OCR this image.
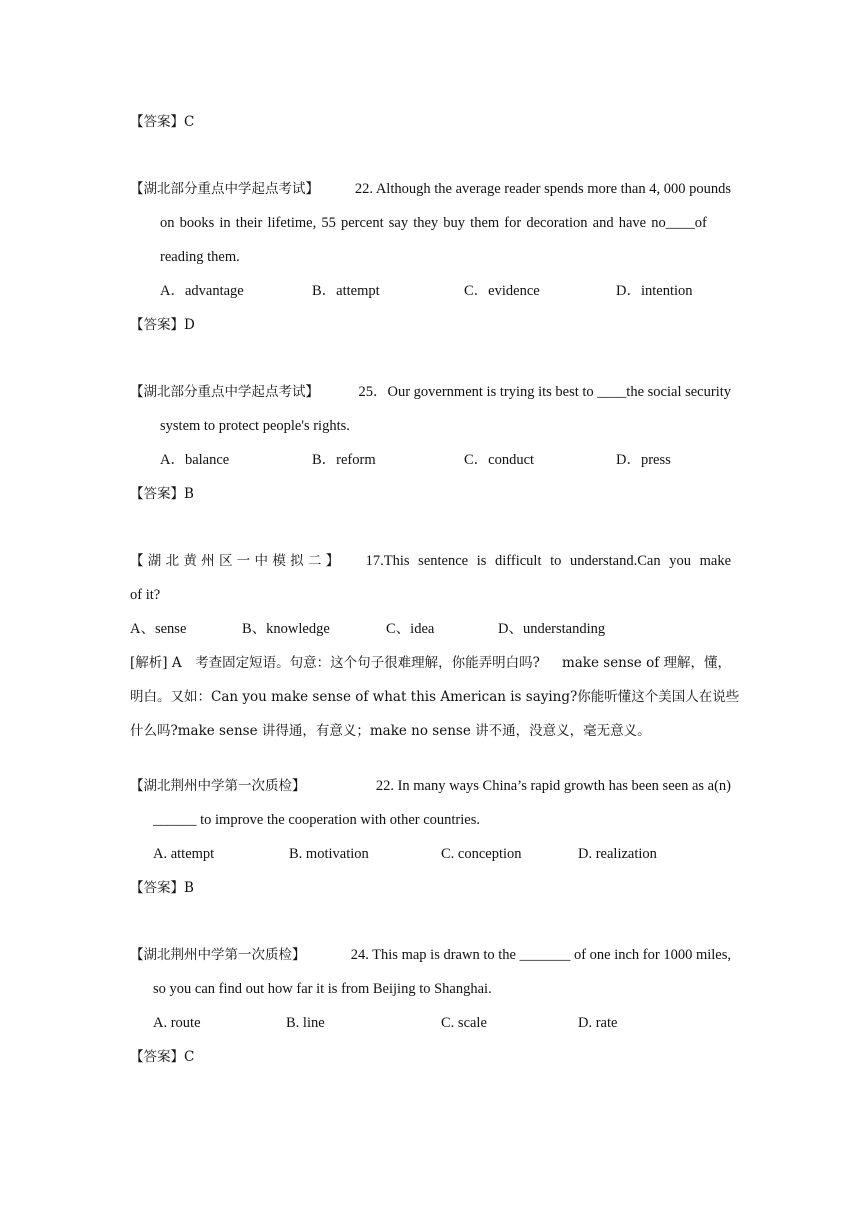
【答案】C
【湖北部分重点中学起点考试】 22. Although the average reader spends more than 4, 000 pounds
on books in their lifetime, 55 percent say they buy them for decoration and have no____of
reading them.
A．advantage	B．attempt	C．evidence	D．intention
【答案】D
【湖北部分重点中学起点考试】	25．Our government is trying its best to ____the social security
system to protect people's rights.
A．balance	B．reform	C．conduct	D．press
【答案】B
【 湖 北 黄 州 区 一 中 模 拟 二 】 17.This sentence is difficult to understand.Can you make
of it?
A、sense	B、knowledge	C、idea	D、understanding
[解析] A　考查固定短语。句意：这个句子很难理解，你能弄明白吗? make sense of 理解，懂，
明白。又如：Can you make sense of what this American is saying?你能听懂这个美国人在说些
什么吗?make sense 讲得通，有意义；make no sense 讲不通，没意义，毫无意义。
【湖北荆州中学第一次质检】	22. In many ways China’s rapid growth has been seen as a(n)
______ to improve the cooperation with other countries.
A. attempt	B. motivation	C. conception	D. realization
【答案】B
【湖北荆州中学第一次质检】	24. This map is drawn to the _______ of one inch for 1000 miles,
so you can find out how far it is from Beijing to Shanghai.
A. route	B. line	C. scale	D. rate
【答案】C
